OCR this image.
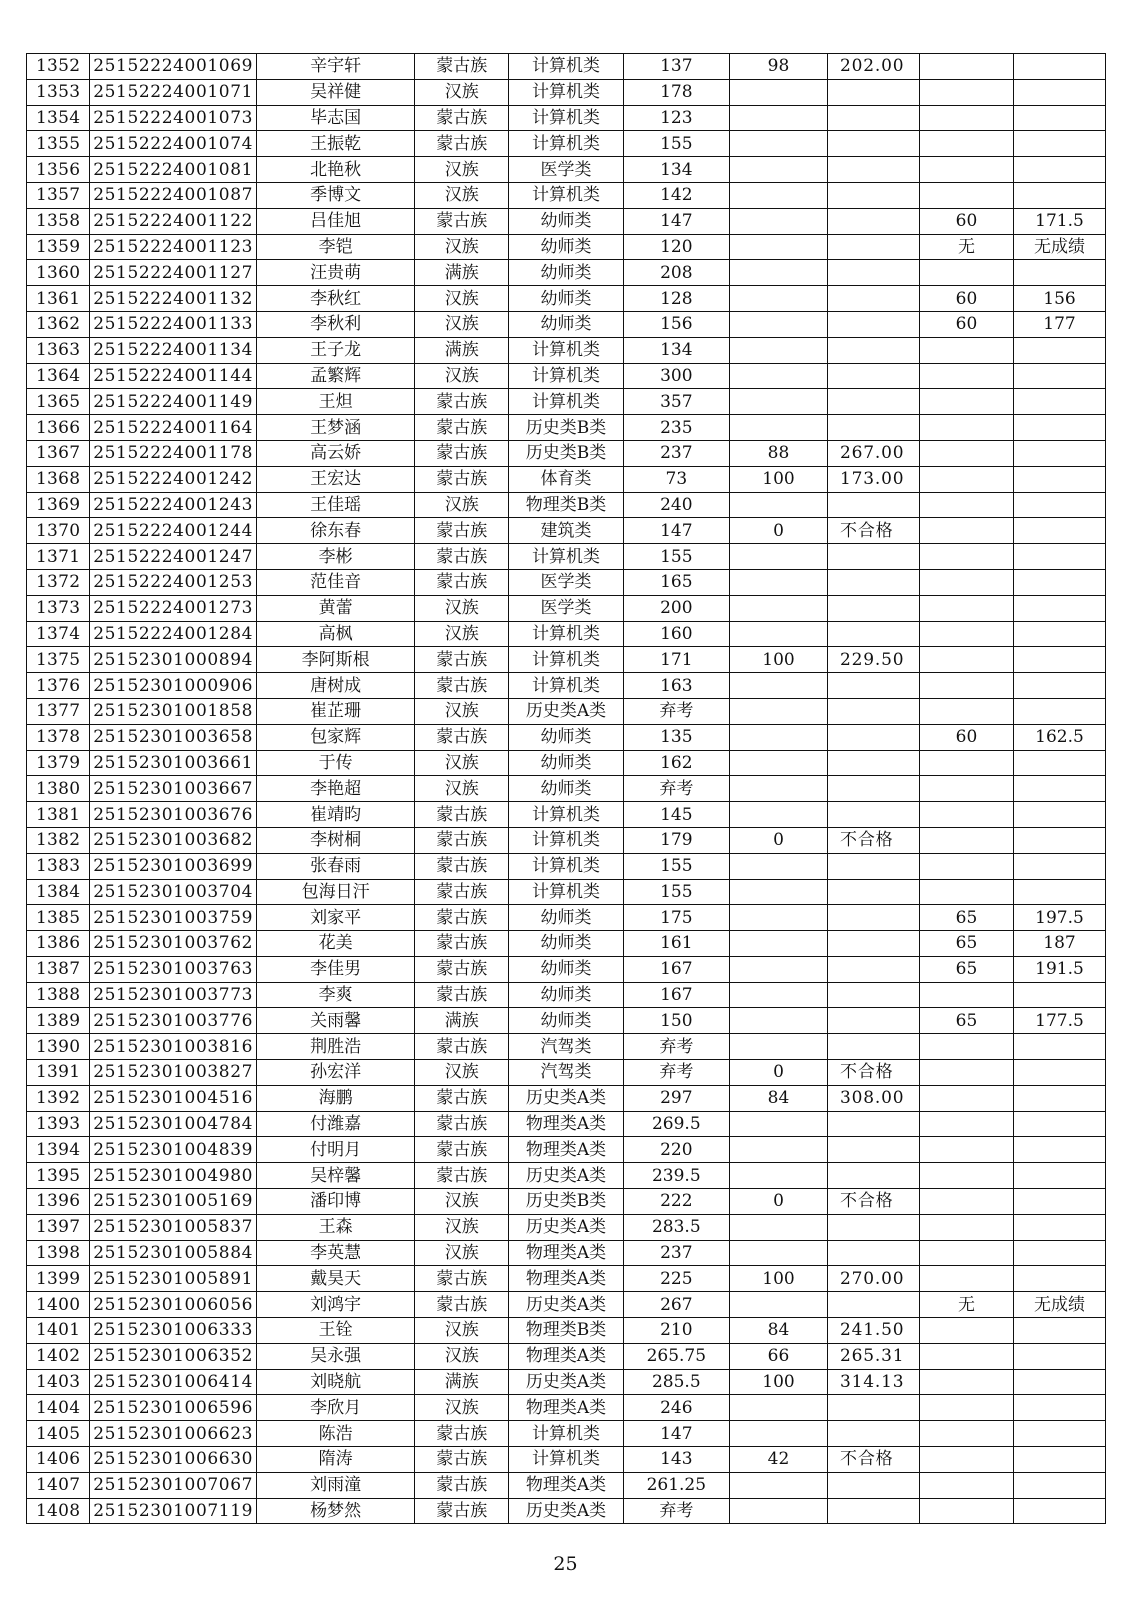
1352	25152224001069	辛宇轩	蒙古族	计算机类	137	98	202.00		
1353	25152224001071	吴祥健	汉族	计算机类	178				
1354	25152224001073	毕志国	蒙古族	计算机类	123				
1355	25152224001074	王振乾	蒙古族	计算机类	155				
1356	25152224001081	北艳秋	汉族	医学类	134				
1357	25152224001087	季博文	汉族	计算机类	142				
1358	25152224001122	吕佳旭	蒙古族	幼师类	147			60	171.5
1359	25152224001123	李铠	汉族	幼师类	120			无	无成绩
1360	25152224001127	汪贵萌	满族	幼师类	208				
1361	25152224001132	李秋红	汉族	幼师类	128			60	156
1362	25152224001133	李秋利	汉族	幼师类	156			60	177
1363	25152224001134	王子龙	满族	计算机类	134				
1364	25152224001144	孟繁辉	汉族	计算机类	300				
1365	25152224001149	王炟	蒙古族	计算机类	357				
1366	25152224001164	王梦涵	蒙古族	历史类B类	235				
1367	25152224001178	高云娇	蒙古族	历史类B类	237	88	267.00		
1368	25152224001242	王宏达	蒙古族	体育类	73	100	173.00		
1369	25152224001243	王佳瑶	汉族	物理类B类	240				
1370	25152224001244	徐东春	蒙古族	建筑类	147	0	不合格		
1371	25152224001247	李彬	蒙古族	计算机类	155				
1372	25152224001253	范佳音	蒙古族	医学类	165				
1373	25152224001273	黄蕾	汉族	医学类	200				
1374	25152224001284	高枫	汉族	计算机类	160				
1375	25152301000894	李阿斯根	蒙古族	计算机类	171	100	229.50		
1376	25152301000906	唐树成	蒙古族	计算机类	163				
1377	25152301001858	崔芷珊	汉族	历史类A类	弃考				
1378	25152301003658	包家辉	蒙古族	幼师类	135			60	162.5
1379	25152301003661	于传	汉族	幼师类	162				
1380	25152301003667	李艳超	汉族	幼师类	弃考				
1381	25152301003676	崔靖昀	蒙古族	计算机类	145				
1382	25152301003682	李树桐	蒙古族	计算机类	179	0	不合格		
1383	25152301003699	张春雨	蒙古族	计算机类	155				
1384	25152301003704	包海日汗	蒙古族	计算机类	155				
1385	25152301003759	刘家平	蒙古族	幼师类	175			65	197.5
1386	25152301003762	花美	蒙古族	幼师类	161			65	187
1387	25152301003763	李佳男	蒙古族	幼师类	167			65	191.5
1388	25152301003773	李爽	蒙古族	幼师类	167				
1389	25152301003776	关雨馨	满族	幼师类	150			65	177.5
1390	25152301003816	荆胜浩	蒙古族	汽驾类	弃考				
1391	25152301003827	孙宏洋	汉族	汽驾类	弃考	0	不合格		
1392	25152301004516	海鹏	蒙古族	历史类A类	297	84	308.00		
1393	25152301004784	付潍嘉	蒙古族	物理类A类	269.5				
1394	25152301004839	付明月	蒙古族	物理类A类	220				
1395	25152301004980	吴梓馨	蒙古族	历史类A类	239.5				
1396	25152301005169	潘印博	汉族	历史类B类	222	0	不合格		
1397	25152301005837	王森	汉族	历史类A类	283.5				
1398	25152301005884	李英慧	汉族	物理类A类	237				
1399	25152301005891	戴昊天	蒙古族	物理类A类	225	100	270.00		
1400	25152301006056	刘鸿宇	蒙古族	历史类A类	267			无	无成绩
1401	25152301006333	王铨	汉族	物理类B类	210	84	241.50		
1402	25152301006352	吴永强	汉族	物理类A类	265.75	66	265.31		
1403	25152301006414	刘晓航	满族	历史类A类	285.5	100	314.13		
1404	25152301006596	李欣月	汉族	物理类A类	246				
1405	25152301006623	陈浩	蒙古族	计算机类	147				
1406	25152301006630	隋涛	蒙古族	计算机类	143	42	不合格		
1407	25152301007067	刘雨潼	蒙古族	物理类A类	261.25				
1408	25152301007119	杨梦然	蒙古族	历史类A类	弃考				
25
